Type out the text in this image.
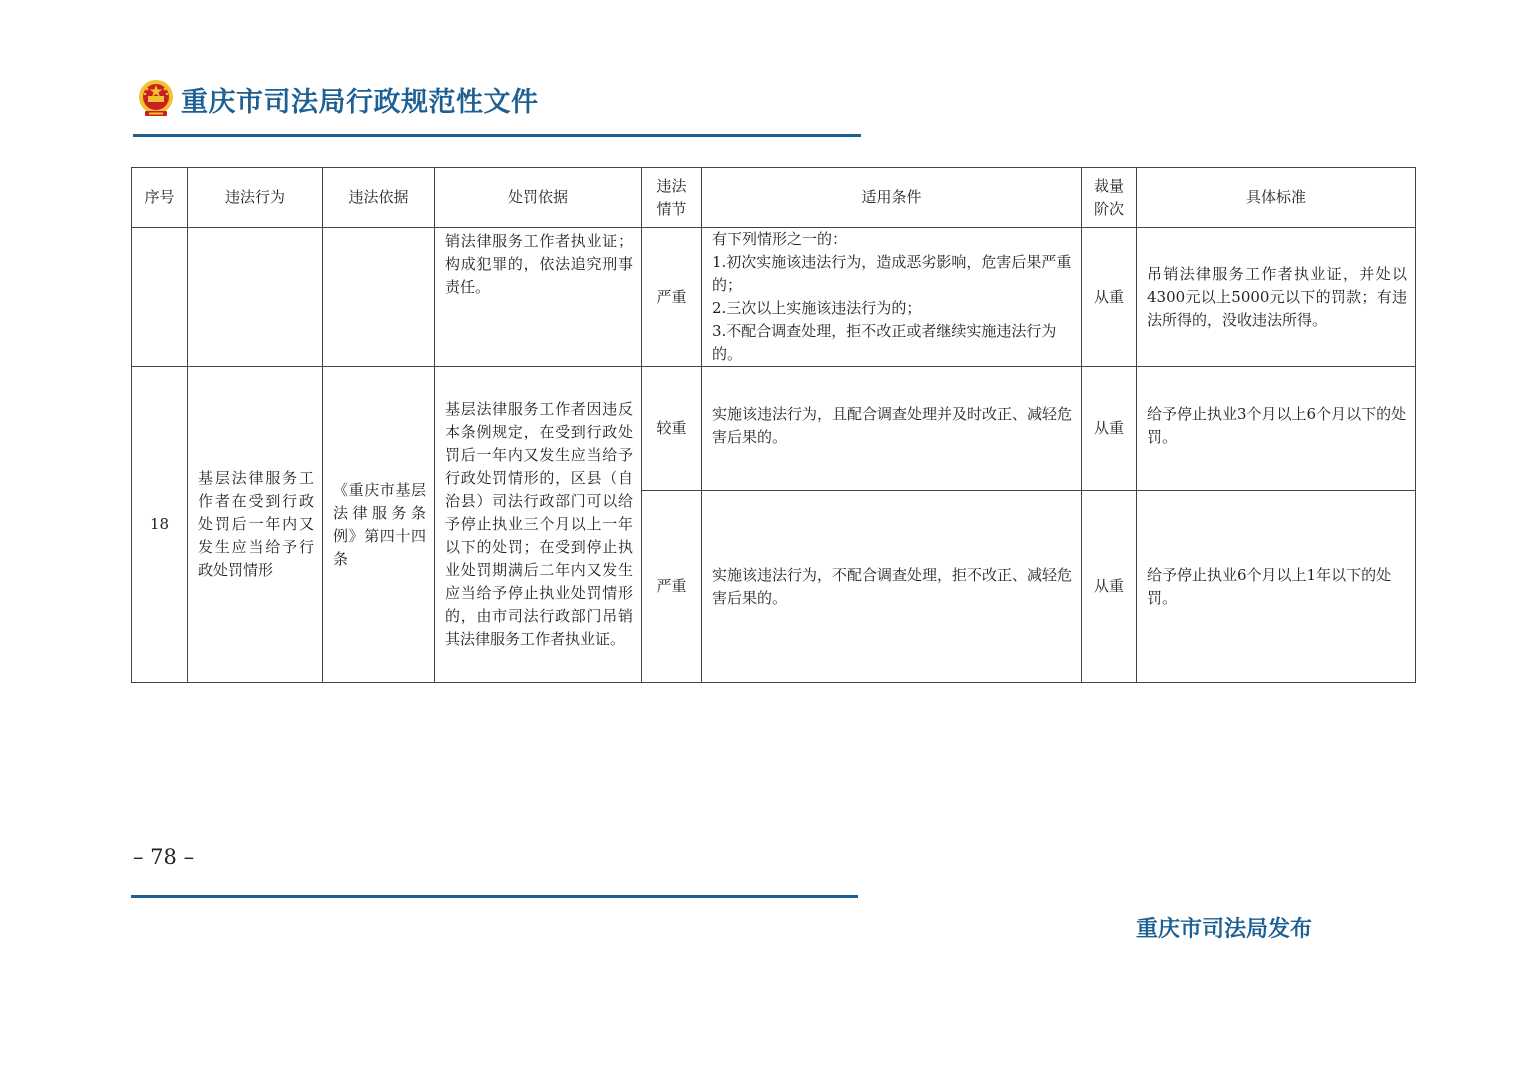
重庆市司法局行政规范性文件
序号	违法行为	违法依据	处罚依据	违法情节	适用条件	裁量阶次	具体标准
			销法律服务工作者执业证；构成犯罪的，依法追究刑事责任。	严重	有下列情形之一的：
1.初次实施该违法行为，造成恶劣影响，危害后果严重的；
2.三次以上实施该违法行为的；
3.不配合调查处理，拒不改正或者继续实施违法行为的。	从重	吊销法律服务工作者执业证，并处以4300元以上5000元以下的罚款；有违法所得的，没收违法所得。
18	基层法律服务工作者在受到行政处罚后一年内又发生应当给予行政处罚情形	《重庆市基层法律服务条例》第四十四条	基层法律服务工作者因违反本条例规定，在受到行政处罚后一年内又发生应当给予行政处罚情形的，区县（自治县）司法行政部门可以给予停止执业三个月以上一年以下的处罚；在受到停止执业处罚期满后二年内又发生应当给予停止执业处罚情形的，由市司法行政部门吊销其法律服务工作者执业证。	较重	实施该违法行为，且配合调查处理并及时改正、减轻危害后果的。	从重	给予停止执业3个月以上6个月以下的处罚。
				严重	实施该违法行为，不配合调查处理，拒不改正、减轻危害后果的。	从重	给予停止执业6个月以上1年以下的处罚。
– 78 –
重庆市司法局发布
